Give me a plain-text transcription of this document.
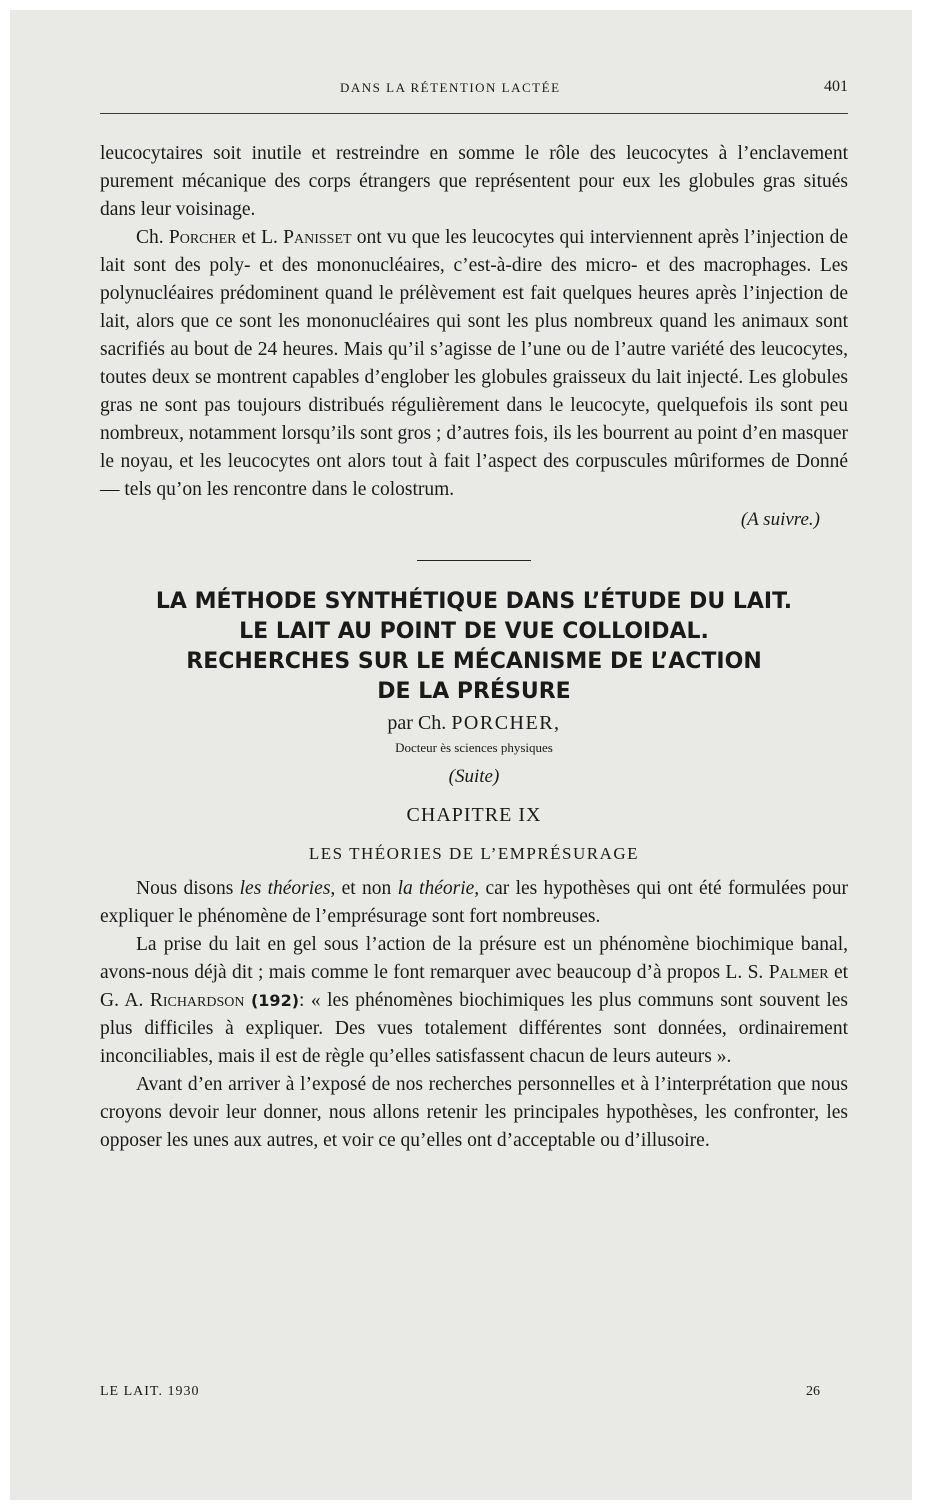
DANS LA RÉTENTION LACTÉE	401

leucocytaires soit inutile et restreindre en somme le rôle des leucocytes à l’enclavement purement mécanique des corps étrangers que représentent pour eux les globules gras situés dans leur voisinage.

Ch. Porcher et L. Panisset ont vu que les leucocytes qui interviennent après l’injection de lait sont des poly- et des mononucléaires, c’est-à-dire des micro- et des macrophages. Les polynucléaires prédominent quand le prélèvement est fait quelques heures après l’injection de lait, alors que ce sont les mononucléaires qui sont les plus nombreux quand les animaux sont sacrifiés au bout de 24 heures. Mais qu’il s’agisse de l’une ou de l’autre variété des leucocytes, toutes deux se montrent capables d’englober les globules graisseux du lait injecté. Les globules gras ne sont pas toujours distribués régulièrement dans le leucocyte, quelquefois ils sont peu nombreux, notamment lorsqu’ils sont gros ; d’autres fois, ils les bourrent au point d’en masquer le noyau, et les leucocytes ont alors tout à fait l’aspect des corpuscules mûriformes de Donné — tels qu’on les rencontre dans le colostrum.

(A suivre.)
LA MÉTHODE SYNTHÉTIQUE DANS L’ÉTUDE DU LAIT.
LE LAIT AU POINT DE VUE COLLOIDAL.
RECHERCHES SUR LE MÉCANISME DE L’ACTION
DE LA PRÉSURE
par Ch. PORCHER,
Docteur ès sciences physiques
(Suite)
CHAPITRE IX
LES THÉORIES DE L’EMPRÉSURAGE

Nous disons les théories, et non la théorie, car les hypothèses qui ont été formulées pour expliquer le phénomène de l’emprésurage sont fort nombreuses.

La prise du lait en gel sous l’action de la présure est un phénomène biochimique banal, avons-nous déjà dit ; mais comme le font remarquer avec beaucoup d’à propos L. S. Palmer et G. A. Richardson (192): « les phénomènes biochimiques les plus communs sont souvent les plus difficiles à expliquer. Des vues totalement différentes sont données, ordinairement inconciliables, mais il est de règle qu’elles satisfassent chacun de leurs auteurs ».

Avant d’en arriver à l’exposé de nos recherches personnelles et à l’interprétation que nous croyons devoir leur donner, nous allons retenir les principales hypothèses, les confronter, les opposer les unes aux autres, et voir ce qu’elles ont d’acceptable ou d’illusoire.

LE LAIT. 1930	26
